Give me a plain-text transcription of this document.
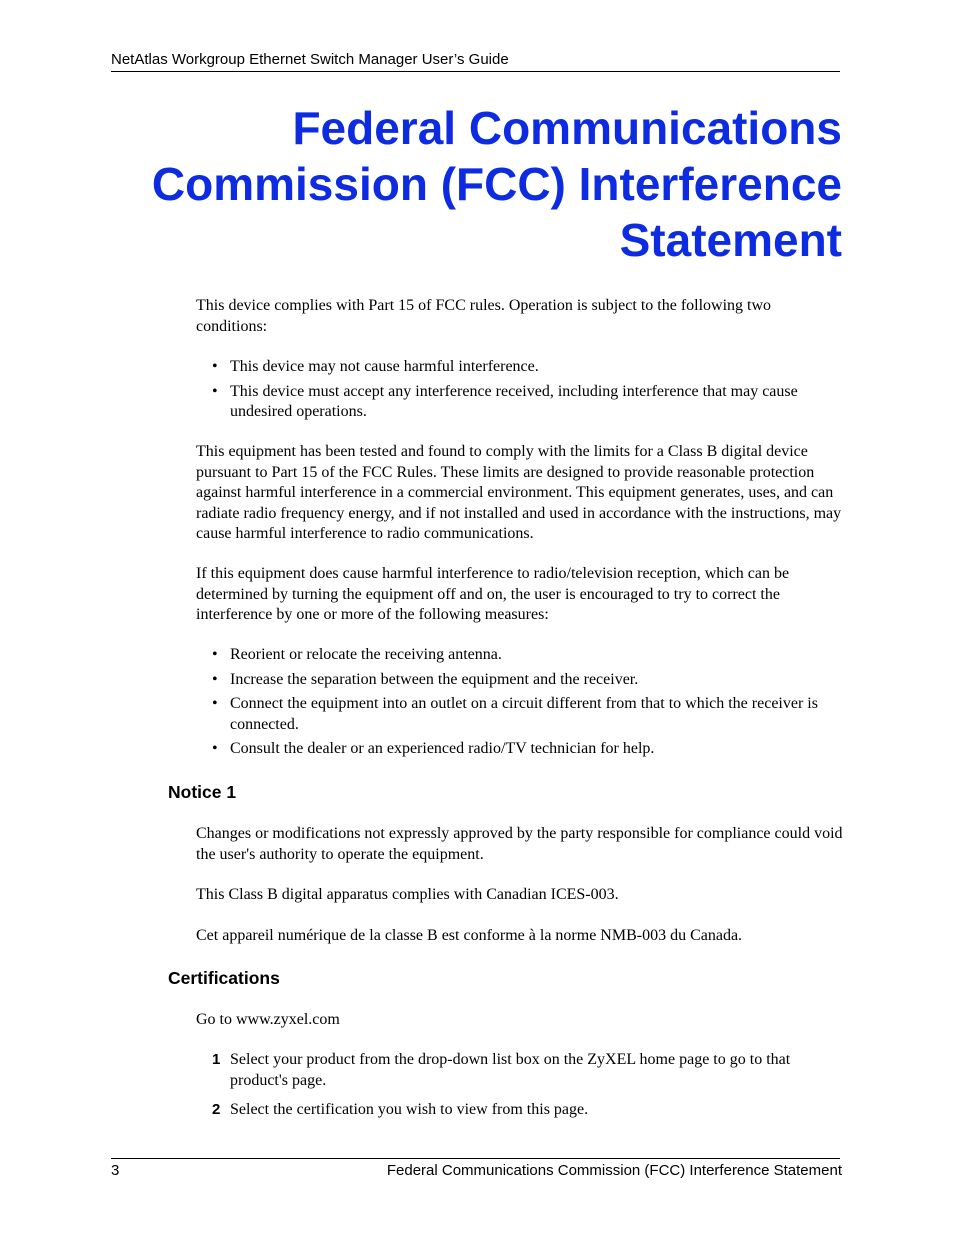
NetAtlas Workgroup Ethernet Switch Manager User’s Guide
Federal Communications
Commission (FCC) Interference
Statement

This device complies with Part 15 of FCC rules. Operation is subject to the following two conditions:

• This device may not cause harmful interference.
• This device must accept any interference received, including interference that may cause undesired operations.

This equipment has been tested and found to comply with the limits for a Class B digital device pursuant to Part 15 of the FCC Rules. These limits are designed to provide reasonable protection against harmful interference in a commercial environment. This equipment generates, uses, and can radiate radio frequency energy, and if not installed and used in accordance with the instructions, may cause harmful interference to radio communications.

If this equipment does cause harmful interference to radio/television reception, which can be determined by turning the equipment off and on, the user is encouraged to try to correct the interference by one or more of the following measures:

• Reorient or relocate the receiving antenna.
• Increase the separation between the equipment and the receiver.
• Connect the equipment into an outlet on a circuit different from that to which the receiver is connected.
• Consult the dealer or an experienced radio/TV technician for help.
Notice 1

Changes or modifications not expressly approved by the party responsible for compliance could void the user's authority to operate the equipment.

This Class B digital apparatus complies with Canadian ICES-003.

Cet appareil numérique de la classe B est conforme à la norme NMB-003 du Canada.

Certifications

Go to www.zyxel.com

1 Select your product from the drop-down list box on the ZyXEL home page to go to that product's page.
2 Select the certification you wish to view from this page.
3	Federal Communications Commission (FCC) Interference Statement
